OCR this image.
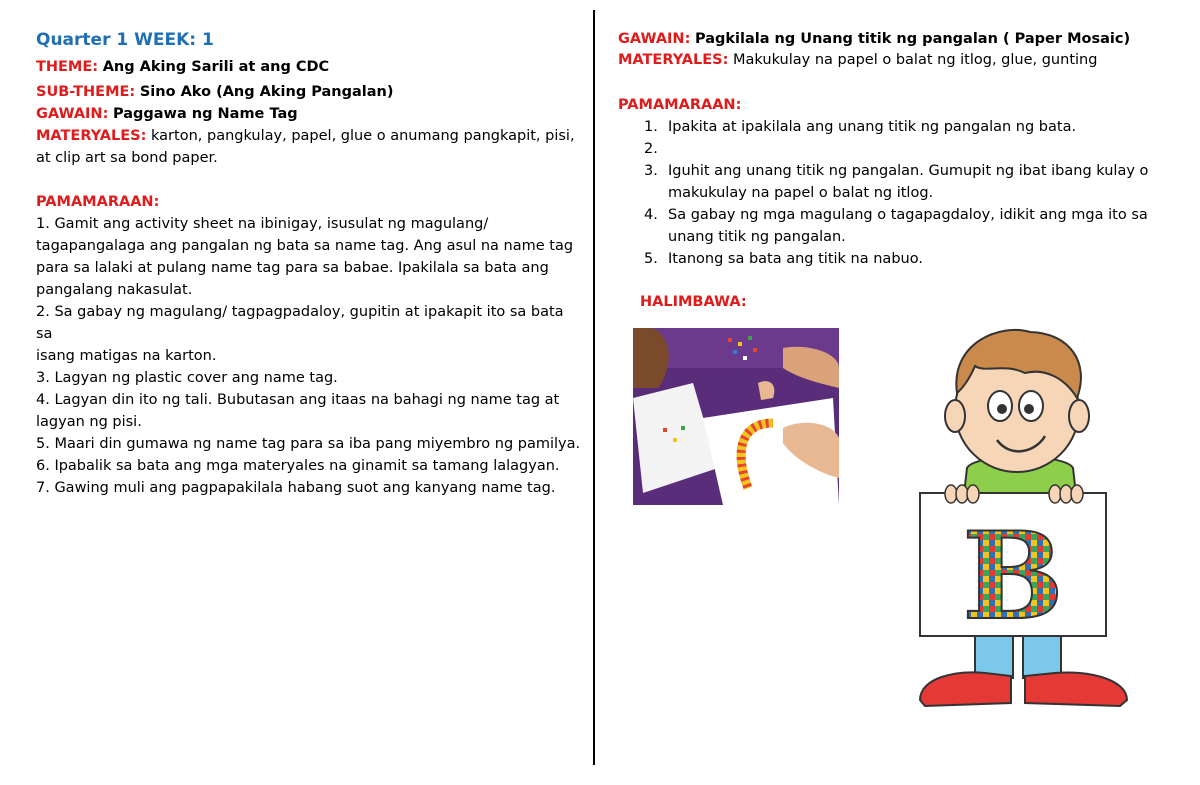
Quarter 1 WEEK: 1
THEME: Ang Aking Sarili at ang CDC
SUB-THEME: Sino Ako (Ang Aking Pangalan)
GAWAIN: Paggawa ng Name Tag
MATERYALES: karton, pangkulay, papel, glue o anumang pangkapit, pisi,
at clip art sa bond paper.
PAMAMARAAN:
1. Gamit ang activity sheet na ibinigay, isusulat ng magulang/
tagapangalaga ang pangalan ng bata sa name tag. Ang asul na name tag
para sa lalaki at pulang name tag para sa babae. Ipakilala sa bata ang
pangalang nakasulat.
2. Sa gabay ng magulang/ tagpagpadaloy, gupitin at ipakapit ito sa bata sa
isang matigas na karton.
3. Lagyan ng plastic cover ang name tag.
4. Lagyan din ito ng tali. Bubutasan ang itaas na bahagi ng name tag at
lagyan ng pisi.
5. Maari din gumawa ng name tag para sa iba pang miyembro ng pamilya.
6. Ipabalik sa bata ang mga materyales na ginamit sa tamang lalagyan.
7. Gawing muli ang pagpapakilala habang suot ang kanyang name tag.
GAWAIN: Pagkilala ng Unang titik ng pangalan ( Paper Mosaic)
MATERYALES: Makukulay na papel o balat ng itlog, glue, gunting
PAMAMARAAN:
1. Ipakita at ipakilala ang unang titik ng pangalan ng bata.
2.
3. Iguhit ang unang titik ng pangalan. Gumupit ng ibat ibang kulay o
makukulay na papel o balat ng itlog.
4. Sa gabay ng mga magulang o tagapagdaloy, idikit ang mga ito sa
unang titik ng pangalan.
5. Itanong sa bata ang titik na nabuo.
HALIMBAWA:
B
